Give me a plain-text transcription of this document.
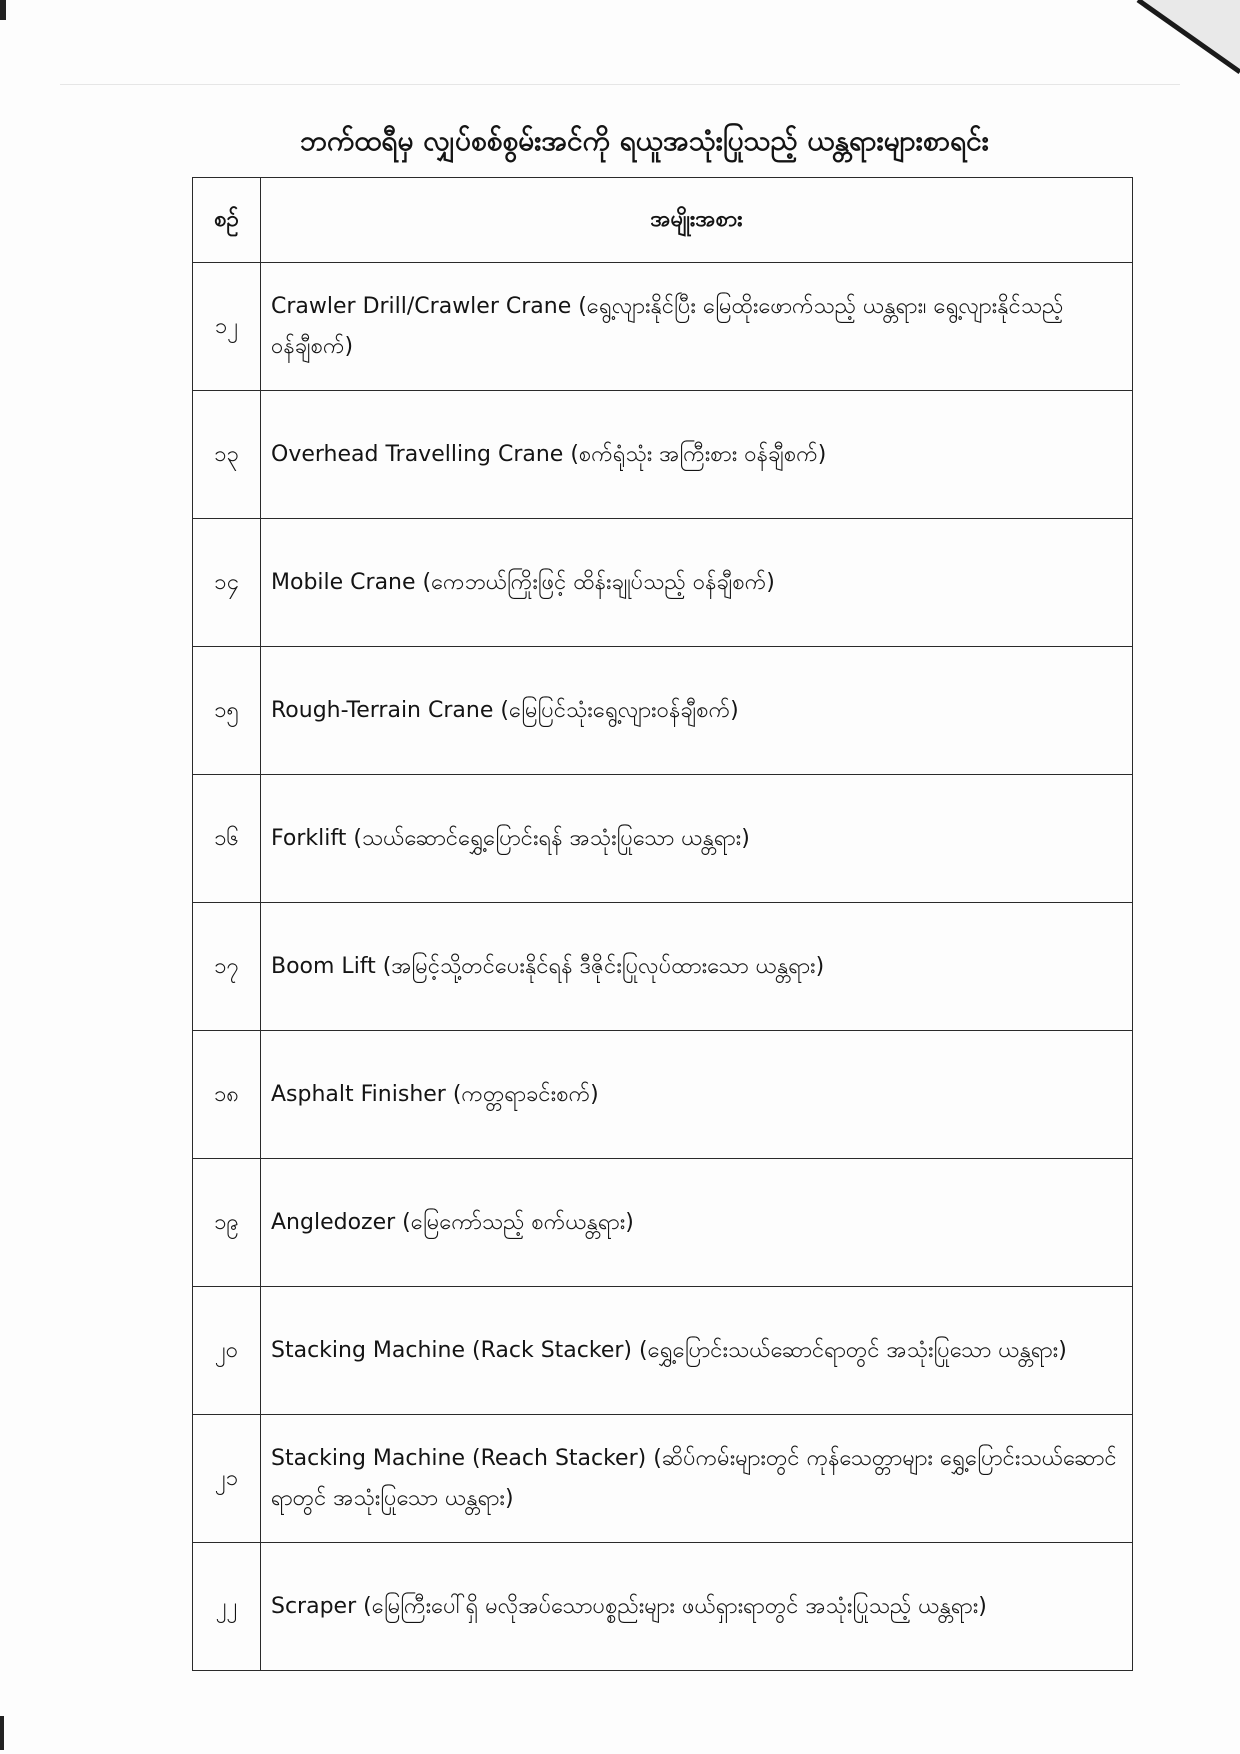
ဘက်ထရီမှ လျှပ်စစ်စွမ်းအင်ကို ရယူအသုံးပြုသည့် ယန္တရားများစာရင်း
စဉ်	အမျိုးအစား
၁၂	Crawler Drill/Crawler Crane (ရွေ့လျားနိုင်ပြီး မြေထိုးဖောက်သည့် ယန္တရား၊ ရွေ့လျားနိုင်သည့် ဝန်ချီစက်)
၁၃	Overhead Travelling Crane (စက်ရုံသုံး အကြီးစား ဝန်ချီစက်)
၁၄	Mobile Crane (ကေဘယ်ကြိုးဖြင့် ထိန်းချုပ်သည့် ဝန်ချီစက်)
၁၅	Rough-Terrain Crane (မြေပြင်သုံးရွေ့လျားဝန်ချီစက်)
၁၆	Forklift (သယ်ဆောင်ရွှေ့ပြောင်းရန် အသုံးပြုသော ယန္တရား)
၁၇	Boom Lift (အမြင့်သို့တင်ပေးနိုင်ရန် ဒီဇိုင်းပြုလုပ်ထားသော ယန္တရား)
၁၈	Asphalt Finisher (ကတ္တရာခင်းစက်)
၁၉	Angledozer (မြေကော်သည့် စက်ယန္တရား)
၂၀	Stacking Machine (Rack Stacker) (ရွှေ့ပြောင်းသယ်ဆောင်ရာတွင် အသုံးပြုသော ယန္တရား)
၂၁	Stacking Machine (Reach Stacker) (ဆိပ်ကမ်းများတွင် ကုန်သေတ္တာများ ရွှေ့ပြောင်းသယ်ဆောင်ရာတွင် အသုံးပြုသော ယန္တရား)
၂၂	Scraper (မြေကြီးပေါ်ရှိ မလိုအပ်သောပစ္စည်းများ ဖယ်ရှားရာတွင် အသုံးပြုသည့် ယန္တရား)
